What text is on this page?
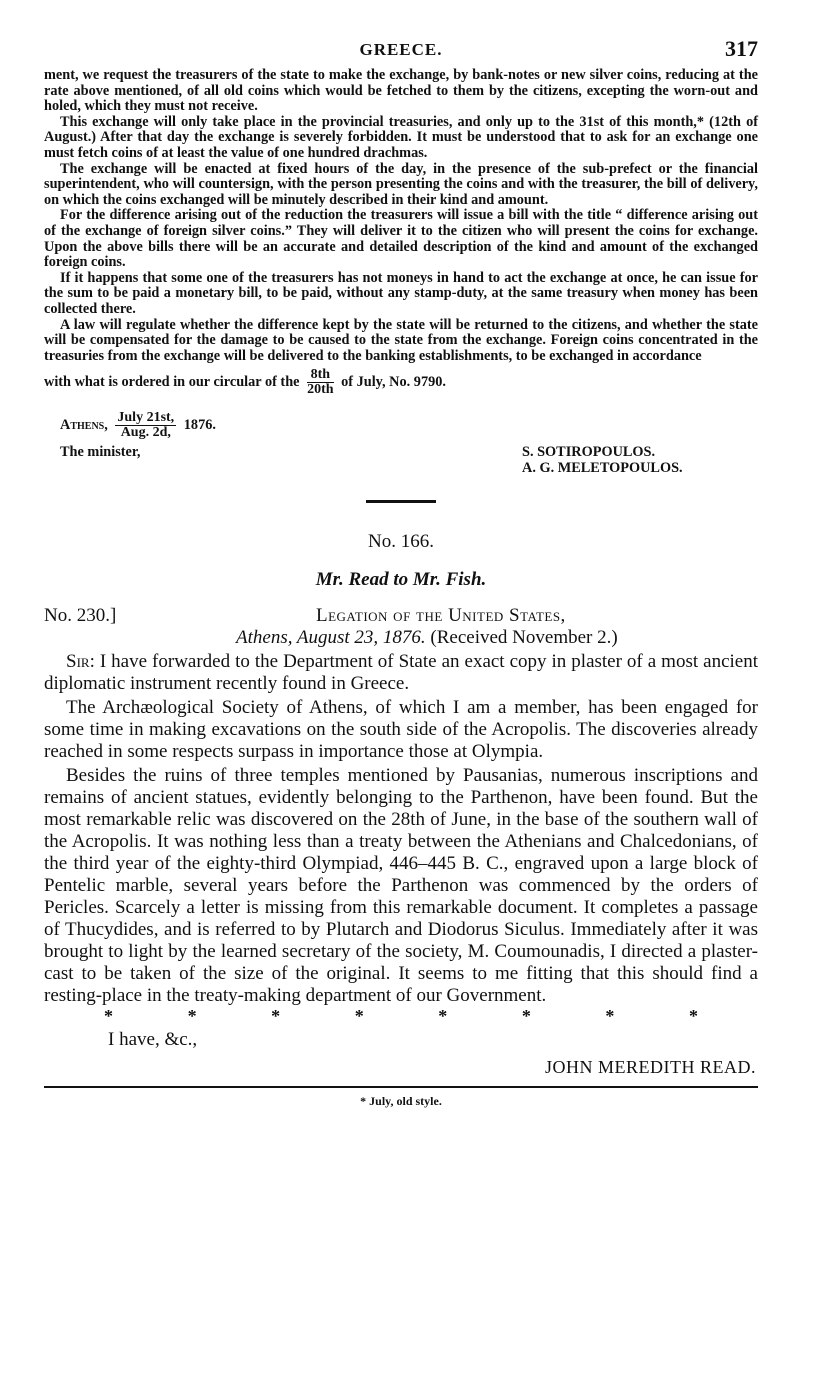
GREECE.	317

ment, we request the treasurers of the state to make the exchange, by bank-notes or new silver coins, reducing at the rate above mentioned, of all old coins which would be fetched to them by the citizens, excepting the worn-out and holed, which they must not receive.

This exchange will only take place in the provincial treasuries, and only up to the 31st of this month,* (12th of August.) After that day the exchange is severely forbidden. It must be understood that to ask for an exchange one must fetch coins of at least the value of one hundred drachmas.

The exchange will be enacted at fixed hours of the day, in the presence of the sub-prefect or the financial superintendent, who will countersign, with the person presenting the coins and with the treasurer, the bill of delivery, on which the coins exchanged will be minutely described in their kind and amount.

For the difference arising out of the reduction the treasurers will issue a bill with the title “ difference arising out of the exchange of foreign silver coins.” They will deliver it to the citizen who will present the coins for exchange. Upon the above bills there will be an accurate and detailed description of the kind and amount of the exchanged foreign coins.

If it happens that some one of the treasurers has not moneys in hand to act the exchange at once, he can issue for the sum to be paid a monetary bill, to be paid, without any stamp-duty, at the same treasury when money has been collected there.

A law will regulate whether the difference kept by the state will be returned to the citizens, and whether the state will be compensated for the damage to be caused to the state from the exchange. Foreign coins concentrated in the treasuries from the exchange will be delivered to the banking establishments, to be exchanged in accordance

with what is ordered in our circular of the $\frac{8th}{20th}$ of July, No. 9790.
Athens, $\frac{\text{July 21st,}}{\text{Aug. 2d,}} 1876$.
The minister,	S. SOTIROPOULOS.
A. G. MELETOPOULOS.
No. 166.
Mr. Read to Mr. Fish.
No. 230.]	Legation of the United States,
Athens, August 23, 1876. (Received November 2.)

Sir: I have forwarded to the Department of State an exact copy in plaster of a most ancient diplomatic instrument recently found in Greece.

The Archæological Society of Athens, of which I am a member, has been engaged for some time in making excavations on the south side of the Acropolis. The discoveries already reached in some respects surpass in importance those at Olympia.

Besides the ruins of three temples mentioned by Pausanias, numerous inscriptions and remains of ancient statues, evidently belonging to the Parthenon, have been found. But the most remarkable relic was discovered on the 28th of June, in the base of the southern wall of the Acropolis. It was nothing less than a treaty between the Athenians and Chalcedonians, of the third year of the eighty-third Olympiad, 446–445 B. C., engraved upon a large block of Pentelic marble, several years before the Parthenon was commenced by the orders of Pericles. Scarcely a letter is missing from this remarkable document. It completes a passage of Thucydides, and is referred to by Plutarch and Diodorus Siculus. Immediately after it was brought to light by the learned secretary of the society, M. Coumounadis, I directed a plaster-cast to be taken of the size of the original. It seems to me fitting that this should find a resting-place in the treaty-making department of our Government.

*	*	*	*	*	*	*	*
I have, &c.,
JOHN MEREDITH READ.
* July, old style.
